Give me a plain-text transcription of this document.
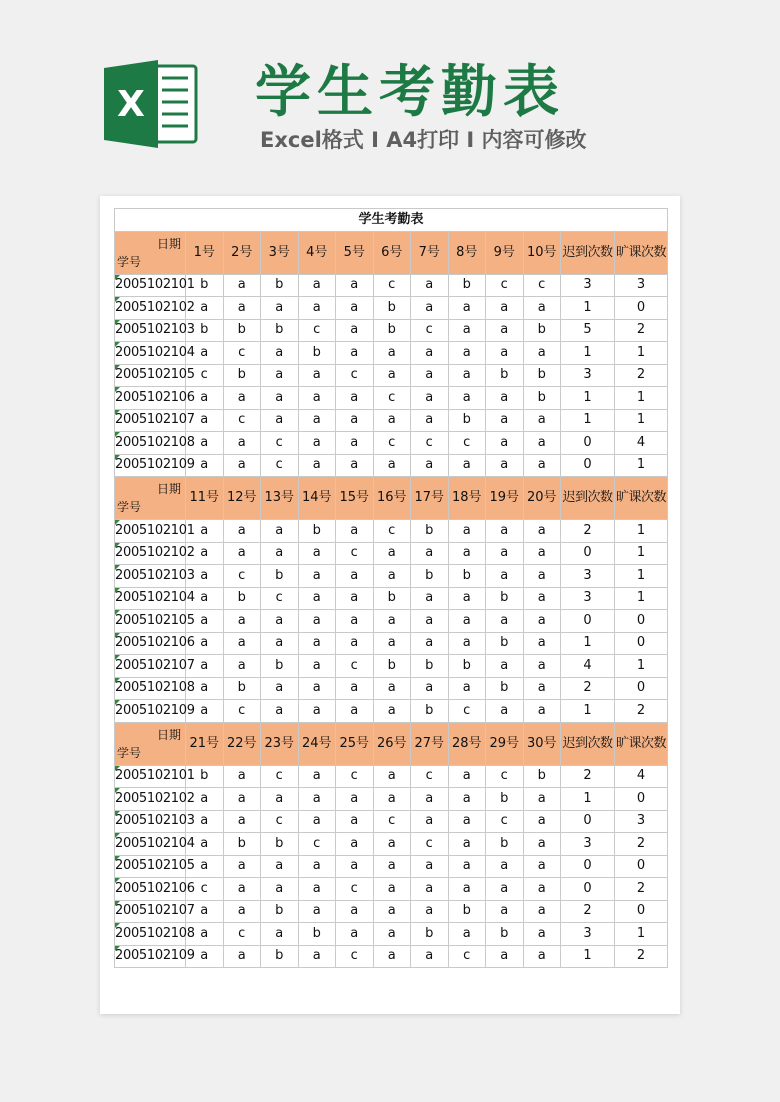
X 学生考勤表
Excel格式 Ⅰ A4打印 Ⅰ 内容可修改
学生考勤表												

日期
学号	1号	2号	3号	4号	5号	6号	7号	8号	9号	10号	迟到次数	旷课次数
2005102101	b	a	b	a	a	c	a	b	c	c	3	3
2005102102	a	a	a	a	a	b	a	a	a	a	1	0
2005102103	b	b	b	c	a	b	c	a	a	b	5	2
2005102104	a	c	a	b	a	a	a	a	a	a	1	1
2005102105	c	b	a	a	c	a	a	a	b	b	3	2
2005102106	a	a	a	a	a	c	a	a	a	b	1	1
2005102107	a	c	a	a	a	a	a	b	a	a	1	1
2005102108	a	a	c	a	a	c	c	c	a	a	0	4
2005102109	a	a	c	a	a	a	a	a	a	a	0	1

日期
学号	11号	12号	13号	14号	15号	16号	17号	18号	19号	20号	迟到次数	旷课次数
2005102101	a	a	a	b	a	c	b	a	a	a	2	1
2005102102	a	a	a	a	c	a	a	a	a	a	0	1
2005102103	a	c	b	a	a	a	b	b	a	a	3	1
2005102104	a	b	c	a	a	b	a	a	b	a	3	1
2005102105	a	a	a	a	a	a	a	a	a	a	0	0
2005102106	a	a	a	a	a	a	a	a	b	a	1	0
2005102107	a	a	b	a	c	b	b	b	a	a	4	1
2005102108	a	b	a	a	a	a	a	a	b	a	2	0
2005102109	a	c	a	a	a	a	b	c	a	a	1	2

日期
学号	21号	22号	23号	24号	25号	26号	27号	28号	29号	30号	迟到次数	旷课次数
2005102101	b	a	c	a	c	a	c	a	c	b	2	4
2005102102	a	a	a	a	a	a	a	a	b	a	1	0
2005102103	a	a	c	a	a	c	a	a	c	a	0	3
2005102104	a	b	b	c	a	a	c	a	b	a	3	2
2005102105	a	a	a	a	a	a	a	a	a	a	0	0
2005102106	c	a	a	a	c	a	a	a	a	a	0	2
2005102107	a	a	b	a	a	a	a	b	a	a	2	0
2005102108	a	c	a	b	a	a	b	a	b	a	3	1
2005102109	a	a	b	a	c	a	a	c	a	a	1	2
